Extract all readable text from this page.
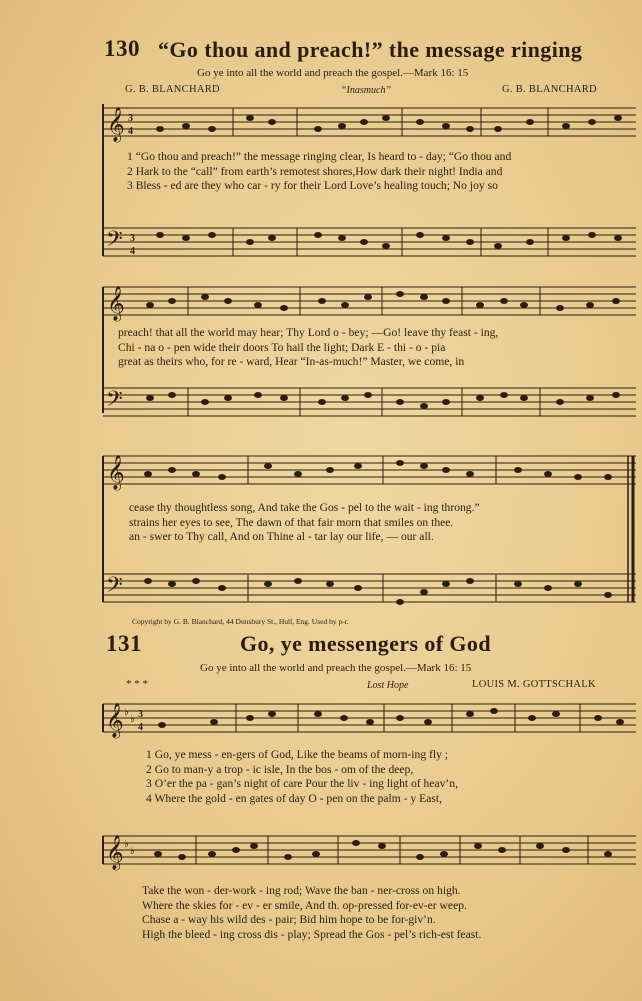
130 “Go thou and preach!” the message ringing
Go ye into all the world and preach the gospel.—Mark 16: 15
G. B. BLANCHARD	“Inasmuch”	G. B. BLANCHARD
𝄞 3
4
1 “Go thou and preach!” the message ringing clear, Is heard to - day; “Go thou and
2 Hark to the “call” from earth’s remotest shores,How dark their night! India and
3 Bless - ed are they who car - ry for their Lord Love’s healing touch; No joy so
𝄢 3
4
𝄞
preach! that all the world may hear; Thy Lord o - bey; —Go! leave thy feast - ing,
Chi - na o - pen wide their doors To hail the light; Dark E - thi - o - pia
great as theirs who, for re - ward, Hear “In-as-much!” Master, we come, in
𝄢
𝄞
cease thy thoughtless song, And take the Gos - pel to the wait - ing throng.”
strains her eyes to see, The dawn of that fair morn that smiles on thee.
an - swer to Thy call, And on Thine al - tar lay our life, — our all.
𝄢
Copyright by G. B. Blanchard, 44 Dunsbury St., Hull, Eng. Used by p-r.
131	Go, ye messengers of God
Go ye into all the world and preach the gospel.—Mark 16: 15
* * *	Lost Hope	LOUIS M. GOTTSCHALK
𝄞 ♭
♭ 3
4
1 Go, ye mess - en-gers of God, Like the beams of morn-ing fly ;
2 Go to man-y a trop - ic isle, In the bos - om of the deep,
3 O’er the pa - gan’s night of care Pour the liv - ing light of heav’n,
4 Where the gold - en gates of day O - pen on the palm - y East,
𝄞 ♭
♭
Take the won - der-work - ing rod; Wave the ban - ner-cross on high.
Where the skies for - ev - er smile, And th. op-pressed for-ev-er weep.
Chase a - way his wild des - pair; Bid him hope to be for-giv’n.
High the bleed - ing cross dis - play; Spread the Gos - pel’s rich-est feast.
